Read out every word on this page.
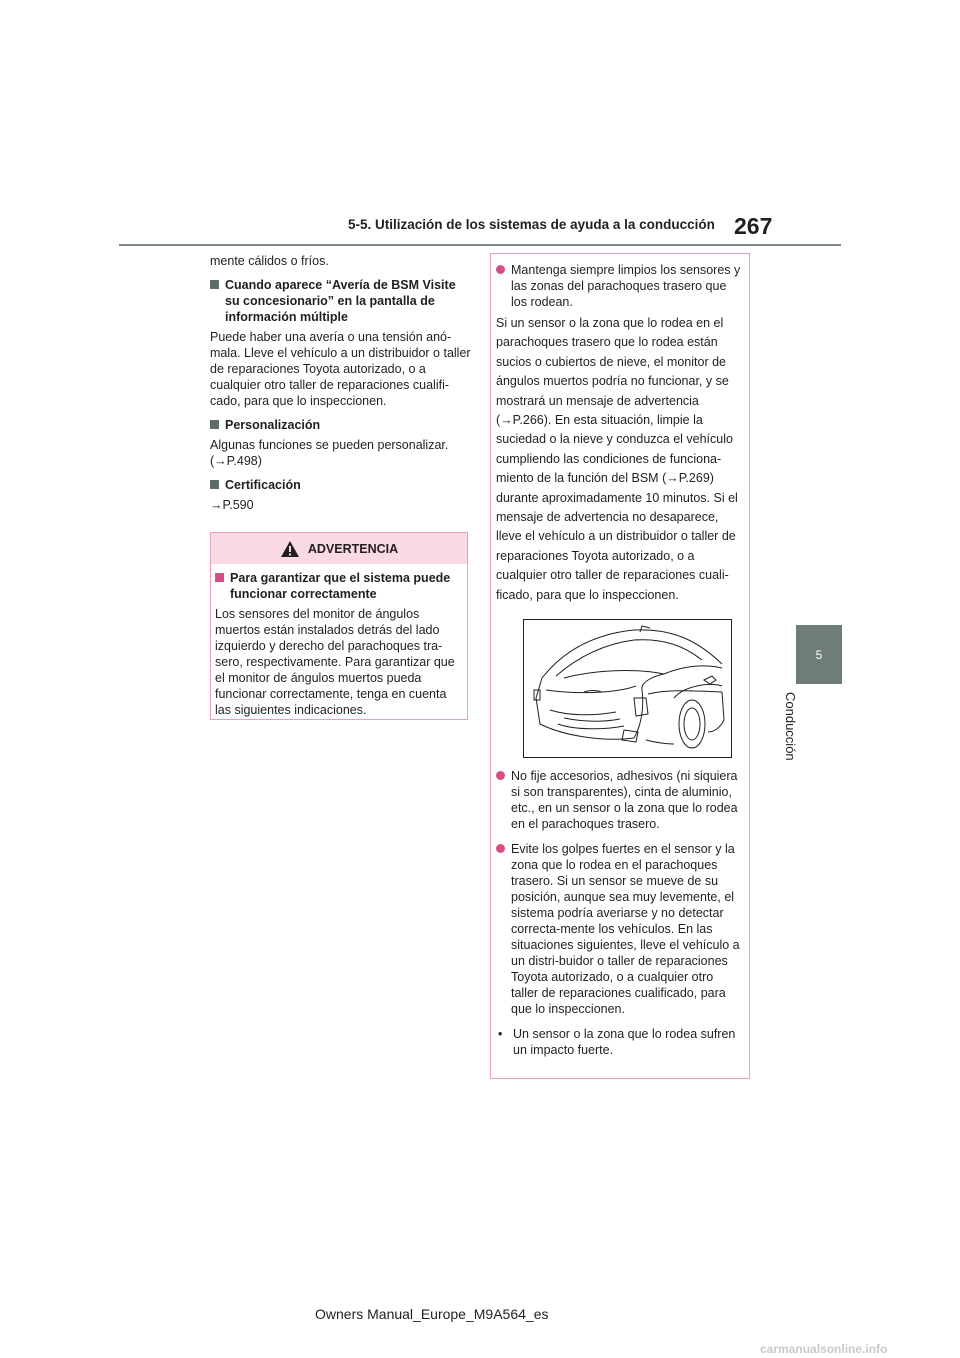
5-5. Utilización de los sistemas de ayuda a la conducción 267
5
Conducción

mente cálidos o fríos.

Cuando aparece “Avería de BSM Visite su concesionario” en la pantalla de información múltiple

Puede haber una avería o una tensión anó-mala. Lleve el vehículo a un distribuidor o taller de reparaciones Toyota autorizado, o a cualquier otro taller de reparaciones cualifi-cado, para que lo inspeccionen.

Personalización

Algunas funciones se pueden personalizar. (→P.498)

Certificación

→P.590

ADVERTENCIA
Para garantizar que el sistema puede funcionar correctamente

Los sensores del monitor de ángulos muertos están instalados detrás del lado izquierdo y derecho del parachoques tra-sero, respectivamente. Para garantizar que el monitor de ángulos muertos pueda funcionar correctamente, tenga en cuenta las siguientes indicaciones.

Mantenga siempre limpios los sensores y las zonas del parachoques trasero que los rodean.

Si un sensor o la zona que lo rodea en el parachoques trasero que lo rodea están sucios o cubiertos de nieve, el monitor de ángulos muertos podría no funcionar, y se mostrará un mensaje de advertencia (→P.266). En esta situación, limpie la suciedad o la nieve y conduzca el vehículo cumpliendo las condiciones de funciona-miento de la función del BSM (→P.269) durante aproximadamente 10 minutos. Si el mensaje de advertencia no desaparece, lleve el vehículo a un distribuidor o taller de reparaciones Toyota autorizado, o a cualquier otro taller de reparaciones cuali-ficado, para que lo inspeccionen.

No fije accesorios, adhesivos (ni siquiera si son transparentes), cinta de aluminio, etc., en un sensor o la zona que lo rodea en el parachoques trasero.
Evite los golpes fuertes en el sensor y la zona que lo rodea en el parachoques trasero. Si un sensor se mueve de su posición, aunque sea muy levemente, el sistema podría averiarse y no detectar correcta-mente los vehículos. En las situaciones siguientes, lleve el vehículo a un distri-buidor o taller de reparaciones Toyota autorizado, o a cualquier otro taller de reparaciones cualificado, para que lo inspeccionen.
• Un sensor o la zona que lo rodea sufren un impacto fuerte.
Owners Manual_Europe_M9A564_es
carmanualsonline.info
